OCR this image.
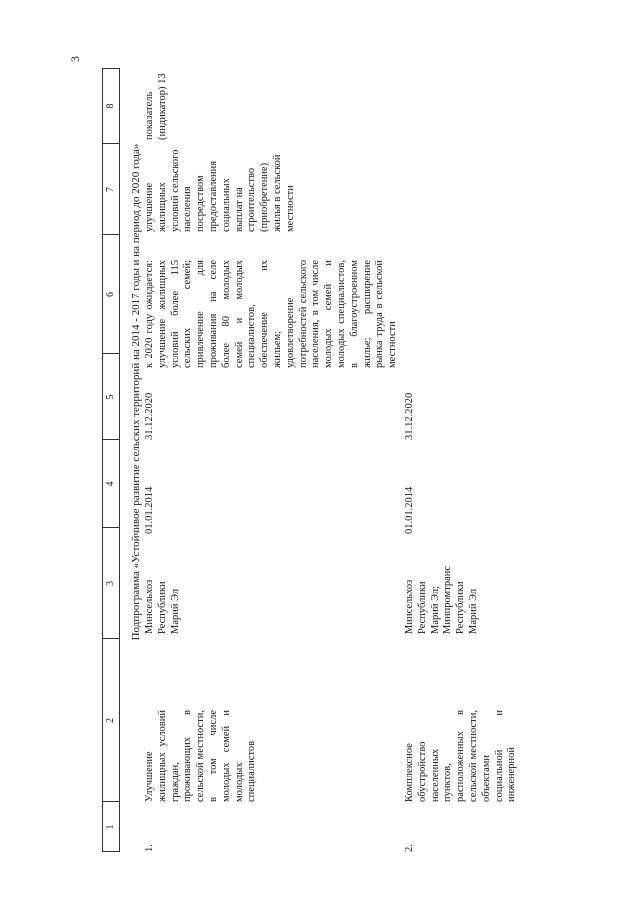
3
1
2
3
4
5
6
7
8
Подпрограмма «Устойчивое развитие сельских территорий на 2014 - 2017 годы и на период до 2020 года»
1.
Улучшение жилищных условий граждан, проживающих в сельской местности, в том числе молодых семей и молодых специалистов
Минсельхоз Республики Марий Эл
01.01.2014
31.12.2020
к 2020 году ожидается: улучшение жилищных условий более 115 сельских семей; привлечение для проживания на селе более 80 молодых семей и молодых специалистов, обеспечение их жильем; удовлетворение потребностей сельского населения, в том числе молодых семей и молодых специалистов, в благоустроенном жилье; расширение рынка труда в сельской местности
улучшение жилищных условий сельского населения посредством предоставления социальных выплат на строительство (приобретение) жилья в сельской местности
показатель (индикатор) 13
2.
Комплексное обустройство населенных пунктов, расположенных в сельской местности, объектами социальной и инженерной
Минсельхоз Республики Марий Эл; Минпромтранс Республики Марий Эл
01.01.2014
31.12.2020
